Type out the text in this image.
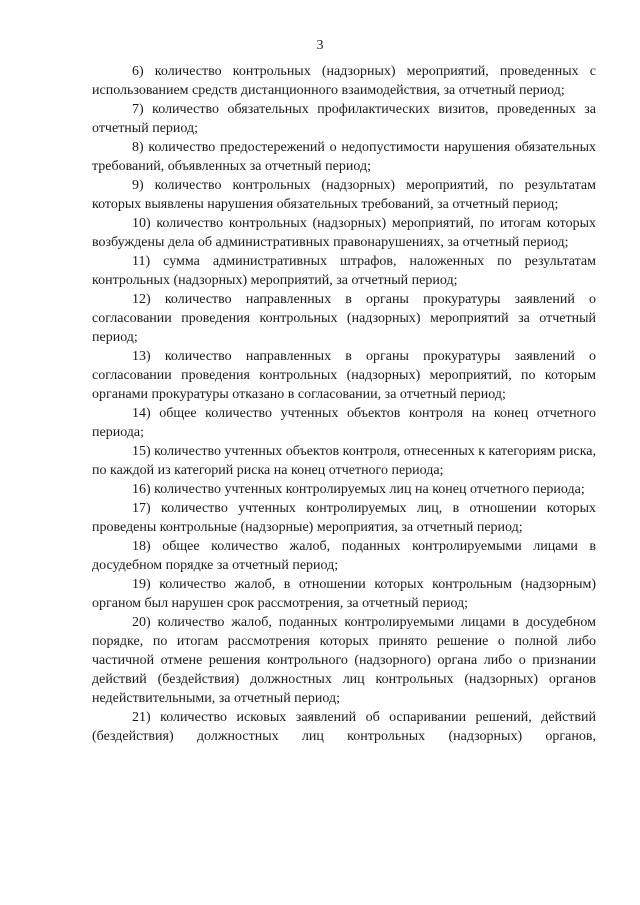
3

6) количество контрольных (надзорных) мероприятий, проведенных с использованием средств дистанционного взаимодействия, за отчетный период;

7) количество обязательных профилактических визитов, проведенных за отчетный период;

8) количество предостережений о недопустимости нарушения обязательных требований, объявленных за отчетный период;

9) количество контрольных (надзорных) мероприятий, по результатам которых выявлены нарушения обязательных требований, за отчетный период;

10) количество контрольных (надзорных) мероприятий, по итогам которых возбуждены дела об административных правонарушениях, за отчетный период;

11) сумма административных штрафов, наложенных по результатам контрольных (надзорных) мероприятий, за отчетный период;

12) количество направленных в органы прокуратуры заявлений о согласовании проведения контрольных (надзорных) мероприятий за отчетный период;

13) количество направленных в органы прокуратуры заявлений о согласовании проведения контрольных (надзорных) мероприятий, по которым органами прокуратуры отказано в согласовании, за отчетный период;

14) общее количество учтенных объектов контроля на конец отчетного периода;

15) количество учтенных объектов контроля, отнесенных к категориям риска, по каждой из категорий риска на конец отчетного периода;

16) количество учтенных контролируемых лиц на конец отчетного периода;

17) количество учтенных контролируемых лиц, в отношении которых проведены контрольные (надзорные) мероприятия, за отчетный период;

18) общее количество жалоб, поданных контролируемыми лицами в досудебном порядке за отчетный период;

19) количество жалоб, в отношении которых контрольным (надзорным) органом был нарушен срок рассмотрения, за отчетный период;

20) количество жалоб, поданных контролируемыми лицами в досудебном порядке, по итогам рассмотрения которых принято решение о полной либо частичной отмене решения контрольного (надзорного) органа либо о признании действий (бездействия) должностных лиц контрольных (надзорных) органов недействительными, за отчетный период;

21) количество исковых заявлений об оспаривании решений, действий (бездействия) должностных лиц контрольных (надзорных) органов,
